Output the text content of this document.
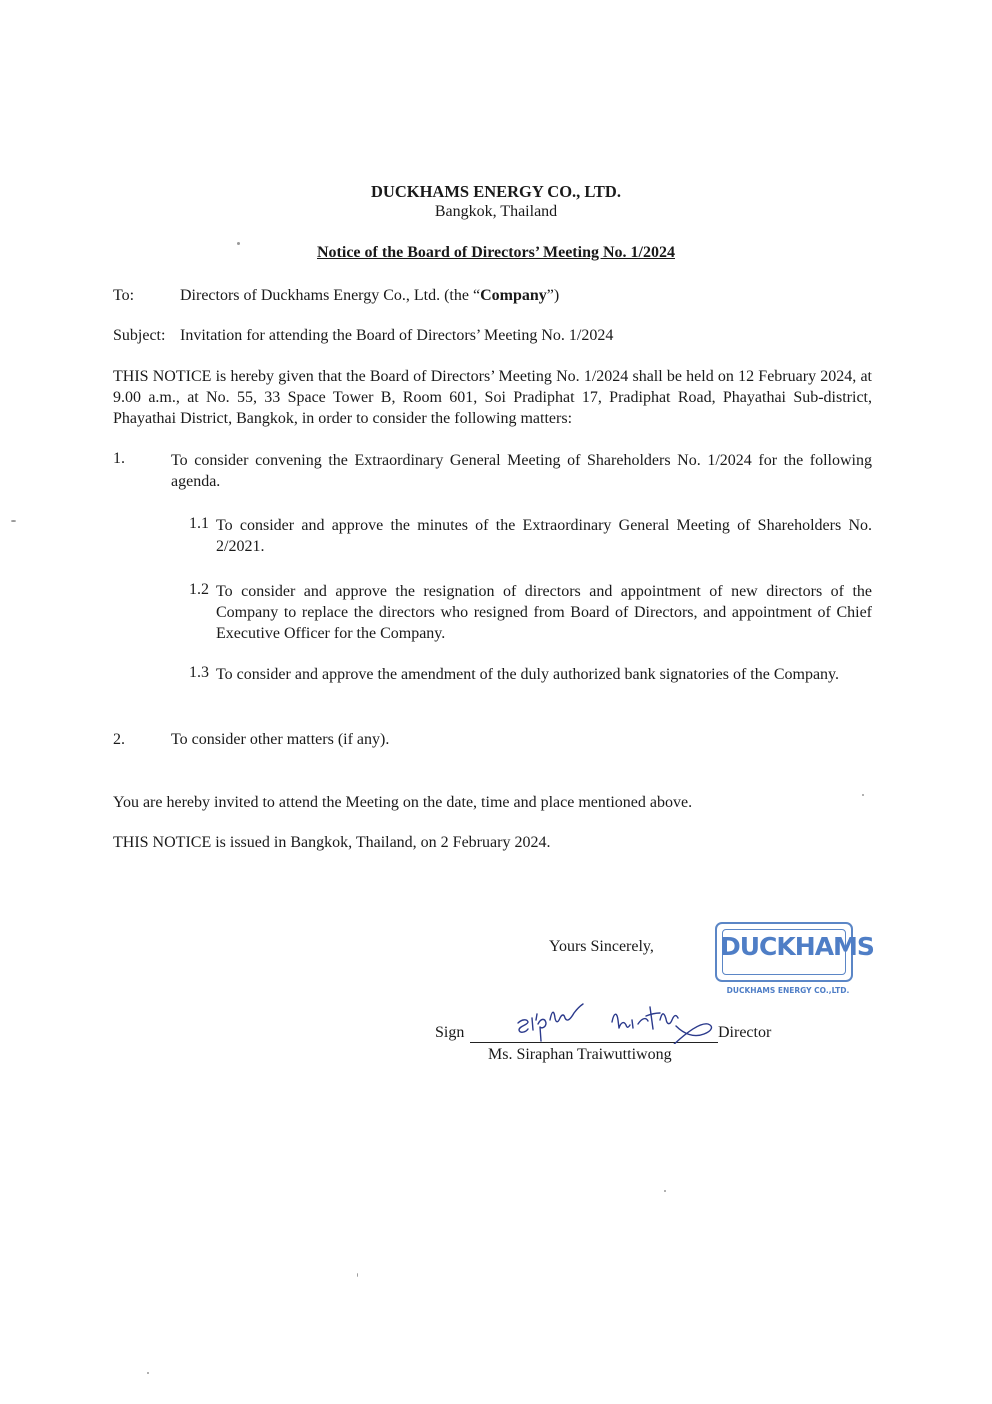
DUCKHAMS ENERGY CO., LTD.
Bangkok, Thailand
Notice of the Board of Directors’ Meeting No. 1/2024
To:	Directors of Duckhams Energy Co., Ltd. (the “Company”)
Subject: Invitation for attending the Board of Directors’ Meeting No. 1/2024
THIS NOTICE is hereby given that the Board of Directors’ Meeting No. 1/2024 shall be held on 12 February 2024, at 9.00 a.m., at No. 55, 33 Space Tower B, Room 601, Soi Pradiphat 17, Pradiphat Road, Phayathai Sub-district, Phayathai District, Bangkok, in order to consider the following matters:
1.	To consider convening the Extraordinary General Meeting of Shareholders No. 1/2024 for the following agenda.
1.1 To consider and approve the minutes of the Extraordinary General Meeting of Shareholders No. 2/2021.
1.2 To consider and approve the resignation of directors and appointment of new directors of the Company to replace the directors who resigned from Board of Directors, and appointment of Chief Executive Officer for the Company.
1.3 To consider and approve the amendment of the duly authorized bank signatories of the Company.
2.	To consider other matters (if any).
You are hereby invited to attend the Meeting on the date, time and place mentioned above.
THIS NOTICE is issued in Bangkok, Thailand, on 2 February 2024.
Yours Sincerely,	DUCKHAMS
DUCKHAMS ENERGY CO.,LTD.
Sign	Director
Ms. Siraphan Traiwuttiwong
